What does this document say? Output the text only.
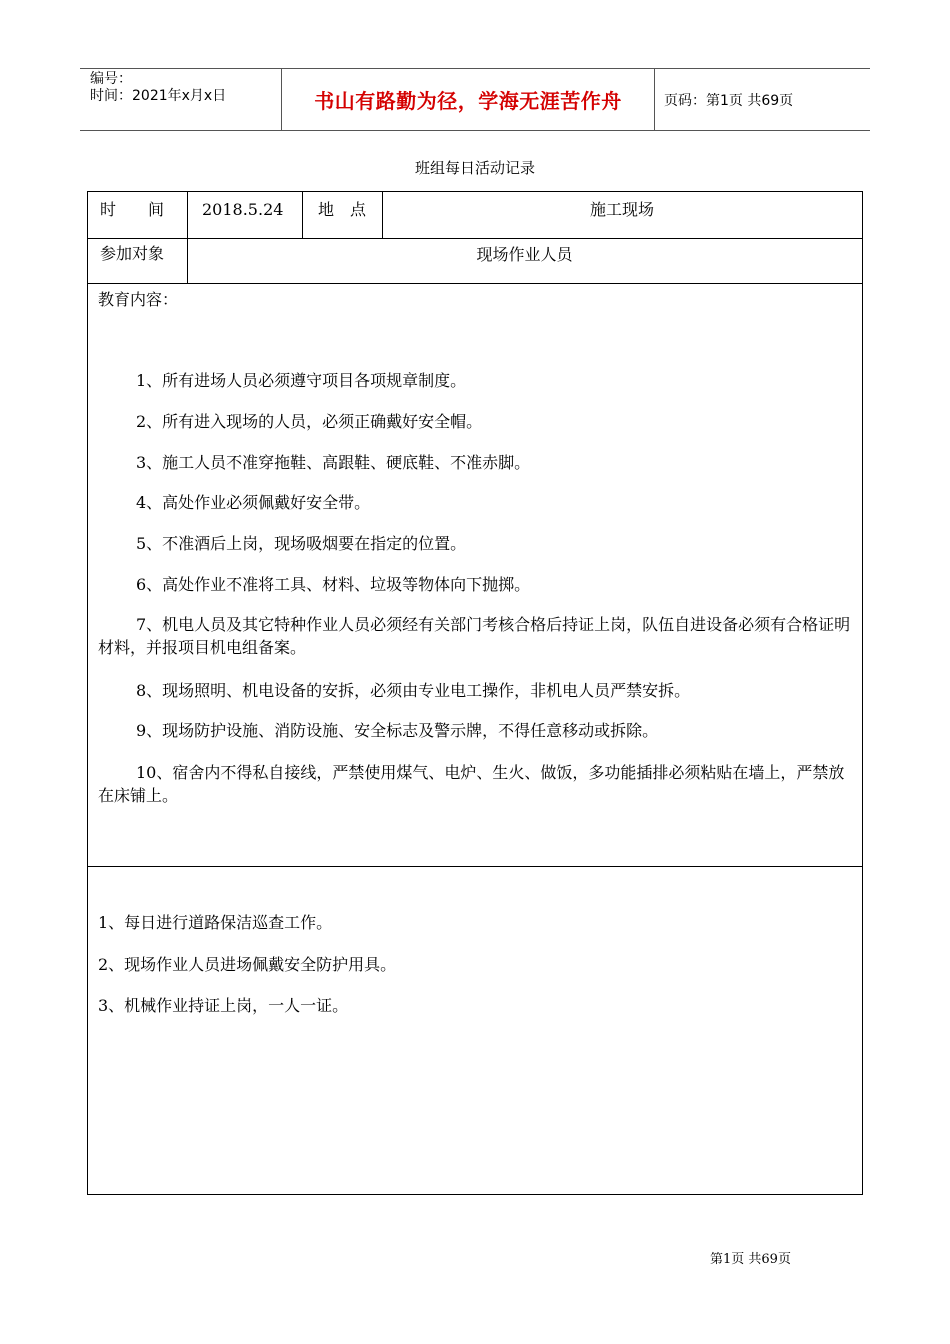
编号：
时间：2021年x月x日	书山有路勤为径，学海无涯苦作舟	页码：第1页 共69页
班组每日活动记录
时　　间 2018.5.24 地　点	施工现场
参加对象	现场作业人员
教育内容：
1、所有进场人员必须遵守项目各项规章制度。
2、所有进入现场的人员，必须正确戴好安全帽。
3、施工人员不准穿拖鞋、高跟鞋、硬底鞋、不准赤脚。
4、高处作业必须佩戴好安全带。
5、不准酒后上岗，现场吸烟要在指定的位置。
6、高处作业不准将工具、材料、垃圾等物体向下抛掷。
7、机电人员及其它特种作业人员必须经有关部门考核合格后持证上岗，队伍自进设备必须有合格证明材料，并报项目机电组备案。
8、现场照明、机电设备的安拆，必须由专业电工操作，非机电人员严禁安拆。
9、现场防护设施、消防设施、安全标志及警示牌，不得任意移动或拆除。
10、宿舍内不得私自接线，严禁使用煤气、电炉、生火、做饭，多功能插排必须粘贴在墙上，严禁放在床铺上。
1、每日进行道路保洁巡查工作。
2、现场作业人员进场佩戴安全防护用具。
3、机械作业持证上岗，一人一证。
第1页 共69页
